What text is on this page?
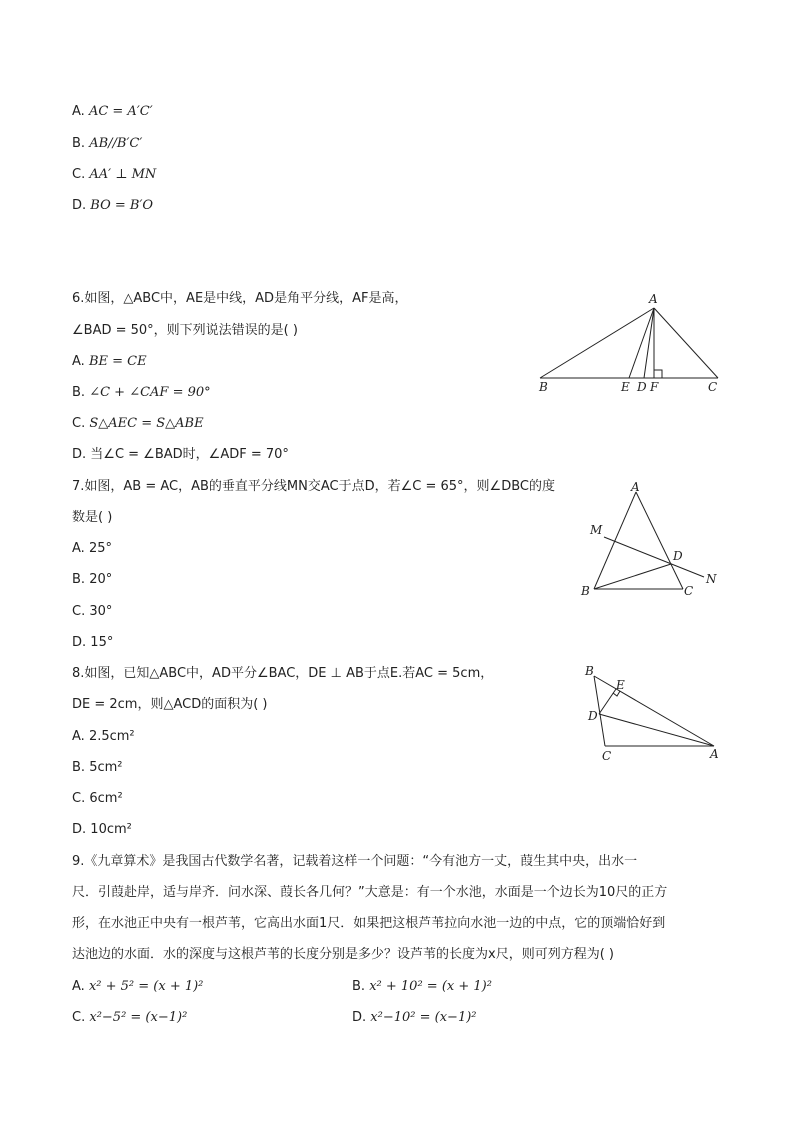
A. AC = A′C′
B. AB//B′C′
C. AA′ ⊥ MN
D. BO = B′O
6.如图，△ABC中，AE是中线，AD是角平分线，AF是高，
∠BAD = 50°，则下列说法错误的是( )
A. BE = CE
B. ∠C + ∠CAF = 90°
C. S△AEC = S△ABE
D. 当∠C = ∠BAD时，∠ADF = 70°
A
B	C
E D F
7.如图，AB = AC，AB的垂直平分线MN交AC于点D，若∠C = 65°，则∠DBC的度
数是( )
A. 25°
B. 20°
C. 30°
D. 15°
A
B	C
D
M
N
8.如图，已知△ABC中，AD平分∠BAC，DE ⊥ AB于点E.若AC = 5cm，
DE = 2cm，则△ACD的面积为( )
A. 2.5cm²
B. 5cm²
C. 6cm²
D. 10cm²
B
E
D
C	A
9.《九章算术》是我国古代数学名著，记载着这样一个问题：“今有池方一丈，葭生其中央，出水一
尺．引葭赴岸，适与岸齐．问水深、葭长各几何？”大意是：有一个水池，水面是一个边长为10尺的正方
形，在水池正中央有一根芦苇，它高出水面1尺．如果把这根芦苇拉向水池一边的中点，它的顶端恰好到
达池边的水面．水的深度与这根芦苇的长度分别是多少？设芦苇的长度为x尺，则可列方程为( )
A. x² + 5² = (x + 1)²	B. x² + 10² = (x + 1)²
C. x²−5² = (x−1)²	D. x²−10² = (x−1)²
